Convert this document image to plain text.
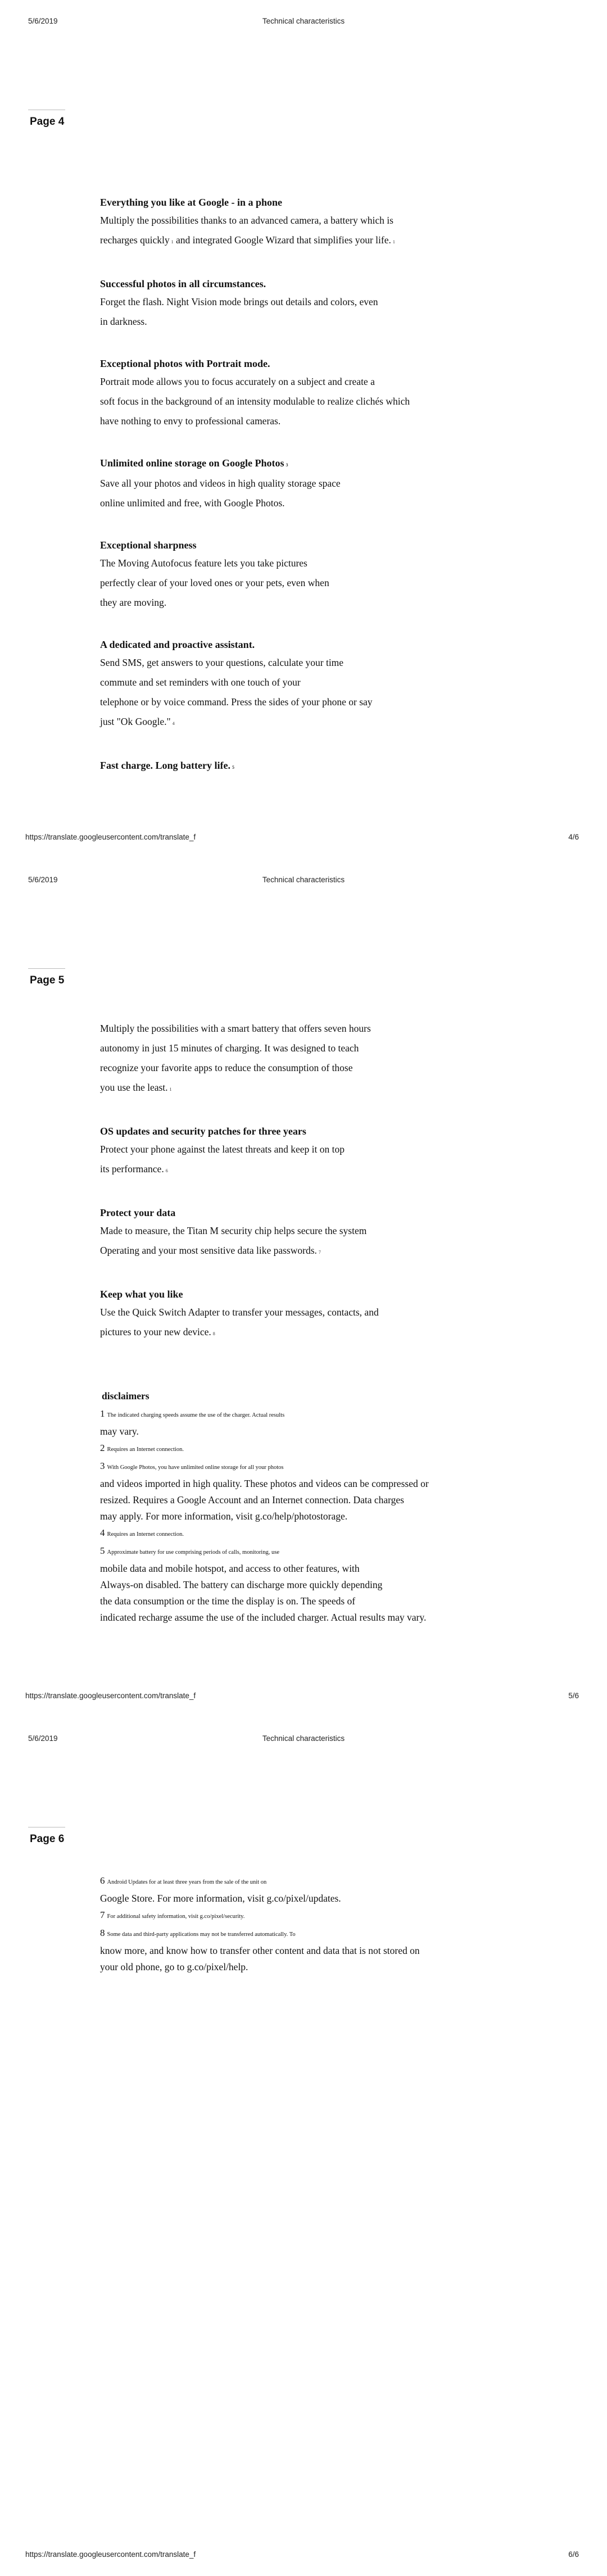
5/6/2019	Technical characteristics
Page 4
Everything you like at Google - in a phone

Multiply the possibilities thanks to an advanced camera, a battery which is

recharges quickly 1 and integrated Google Wizard that simplifies your life. 1

Successful photos in all circumstances.

Forget the flash. Night Vision mode brings out details and colors, even

in darkness.

Exceptional photos with Portrait mode.

Portrait mode allows you to focus accurately on a subject and create a

soft focus in the background of an intensity modulable to realize clichés which

have nothing to envy to professional cameras.

Unlimited online storage on Google Photos 3

Save all your photos and videos in high quality storage space

online unlimited and free, with Google Photos.

Exceptional sharpness

The Moving Autofocus feature lets you take pictures

perfectly clear of your loved ones or your pets, even when

they are moving.

A dedicated and proactive assistant.

Send SMS, get answers to your questions, calculate your time

commute and set reminders with one touch of your

telephone or by voice command. Press the sides of your phone or say

just "Ok Google." 4

Fast charge. Long battery life. 5
https://translate.googleusercontent.com/translate_f	4/6
5/6/2019	Technical characteristics
Page 5

Multiply the possibilities with a smart battery that offers seven hours

autonomy in just 15 minutes of charging. It was designed to teach

recognize your favorite apps to reduce the consumption of those

you use the least. 1

OS updates and security patches for three years

Protect your phone against the latest threats and keep it on top

its performance. 6

Protect your data

Made to measure, the Titan M security chip helps secure the system

Operating and your most sensitive data like passwords. 7

Keep what you like

Use the Quick Switch Adapter to transfer your messages, contacts, and

pictures to your new device. 8

disclaimers

1 The indicated charging speeds assume the use of the charger. Actual results

may vary.

2 Requires an Internet connection.

3 With Google Photos, you have unlimited online storage for all your photos

and videos imported in high quality. These photos and videos can be compressed or

resized. Requires a Google Account and an Internet connection. Data charges

may apply. For more information, visit g.co/help/photostorage.

4 Requires an Internet connection.

5 Approximate battery for use comprising periods of calls, monitoring, use

mobile data and mobile hotspot, and access to other features, with

Always-on disabled. The battery can discharge more quickly depending

the data consumption or the time the display is on. The speeds of

indicated recharge assume the use of the included charger. Actual results may vary.

https://translate.googleusercontent.com/translate_f	5/6
5/6/2019	Technical characteristics
Page 6

6 Android Updates for at least three years from the sale of the unit on

Google Store. For more information, visit g.co/pixel/updates.

7 For additional safety information, visit g.co/pixel/security.

8 Some data and third-party applications may not be transferred automatically. To

know more, and know how to transfer other content and data that is not stored on

your old phone, go to g.co/pixel/help.

https://translate.googleusercontent.com/translate_f	6/6
